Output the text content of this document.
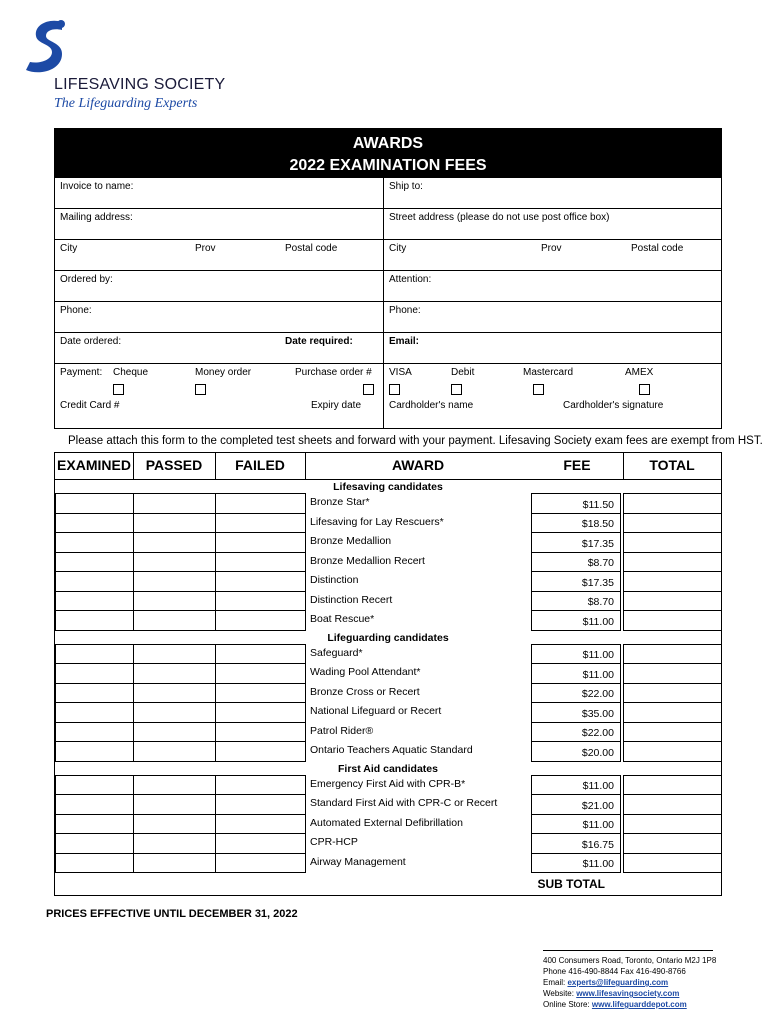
LIFESAVING SOCIETY
The Lifeguarding Experts
AWARDS
2022 EXAMINATION FEES
Invoice to name:	Ship to:
Mailing address:	Street address (please do not use post office box)
City	Prov	Postal code	City	Prov	Postal code
Ordered by:	Attention:
Phone:	Phone:
Date ordered:	Date required:	Email:
Payment: Cheque	Money order	Purchase order # VISA	Debit	Mastercard	AMEX
Credit Card #	Expiry date	Cardholder's name	Cardholder's signature
Please attach this form to the completed test sheets and forward with your payment. Lifesaving Society exam fees are exempt from HST.
EXAMINED	PASSED	FAILED	AWARD	FEE	TOTAL
Lifesaving candidates
Bronze Star*	$11.50
Lifesaving for Lay Rescuers*	$18.50
Bronze Medallion	$17.35
Bronze Medallion Recert	$8.70
Distinction	$17.35
Distinction Recert	$8.70
Boat Rescue*	$11.00
Lifeguarding candidates
Safeguard*	$11.00
Wading Pool Attendant*	$11.00
Bronze Cross or Recert	$22.00
National Lifeguard or Recert	$35.00
Patrol Rider®	$22.00
Ontario Teachers Aquatic Standard	$20.00
First Aid candidates
Emergency First Aid with CPR-B*	$11.00
Standard First Aid with CPR-C or Recert	$21.00
Automated External Defibrillation	$11.00
CPR-HCP	$16.75
Airway Management	$11.00
SUB TOTAL
PRICES EFFECTIVE UNTIL DECEMBER 31, 2022
400 Consumers Road, Toronto, Ontario M2J 1P8
Phone 416-490-8844 Fax 416-490-8766
Email: experts@lifeguarding.com
Website: www.lifesavingsociety.com
Online Store: www.lifeguarddepot.com
